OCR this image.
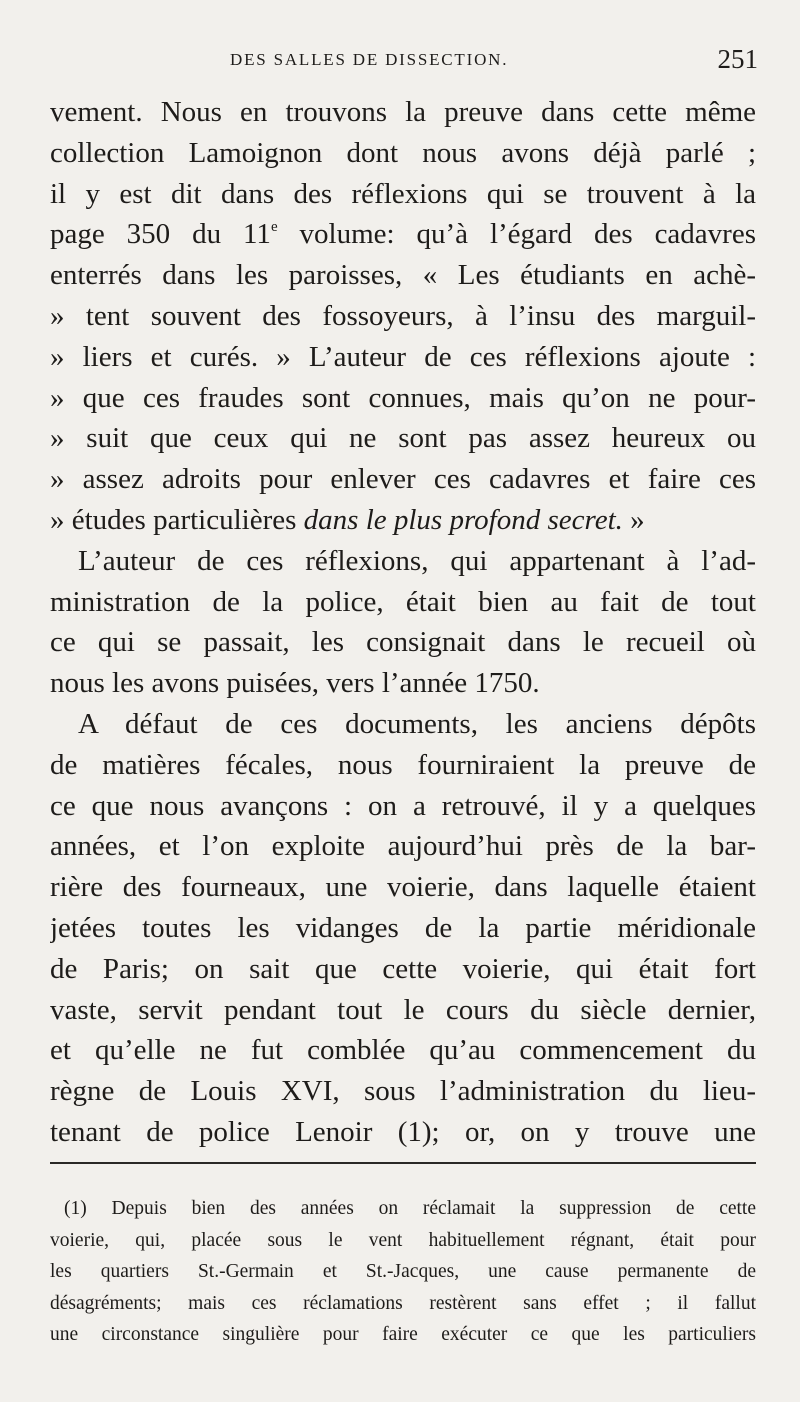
DES SALLES DE DISSECTION.	251
vement. Nous en trouvons la preuve dans cette même
collection Lamoignon dont nous avons déjà parlé ;
il y est dit dans des réflexions qui se trouvent à la
page 350 du 11e volume: qu’à l’égard des cadavres
enterrés dans les paroisses, « Les étudiants en achè-
» tent souvent des fossoyeurs, à l’insu des marguil-
» liers et curés. » L’auteur de ces réflexions ajoute :
» que ces fraudes sont connues, mais qu’on ne pour-
» suit que ceux qui ne sont pas assez heureux ou
» assez adroits pour enlever ces cadavres et faire ces
» études particulières dans le plus profond secret. »
L’auteur de ces réflexions, qui appartenant à l’ad-
ministration de la police, était bien au fait de tout
ce qui se passait, les consignait dans le recueil où
nous les avons puisées, vers l’année 1750.
A défaut de ces documents, les anciens dépôts
de matières fécales, nous fourniraient la preuve de
ce que nous avançons : on a retrouvé, il y a quelques
années, et l’on exploite aujourd’hui près de la bar-
rière des fourneaux, une voierie, dans laquelle étaient
jetées toutes les vidanges de la partie méridionale
de Paris; on sait que cette voierie, qui était fort
vaste, servit pendant tout le cours du siècle dernier,
et qu’elle ne fut comblée qu’au commencement du
règne de Louis XVI, sous l’administration du lieu-
tenant de police Lenoir (1); or, on y trouve une
(1) Depuis bien des années on réclamait la suppression de cette
voierie, qui, placée sous le vent habituellement régnant, était pour
les quartiers St.-Germain et St.-Jacques, une cause permanente de
désagréments; mais ces réclamations restèrent sans effet ; il fallut
une circonstance singulière pour faire exécuter ce que les particuliers
